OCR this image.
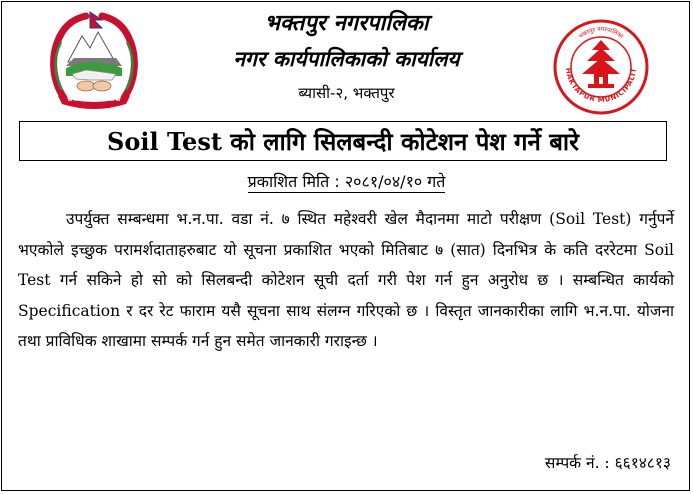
HAKTAPUR MUNICIPALIT
भक्तपुर नगरपालिका
भक्तपुर नगरपालिका
नगर कार्यपालिकाको कार्यालय
ब्यासी-२, भक्तपुर
Soil Test को लागि सिलबन्दी कोटेशन पेश गर्ने बारे
प्रकाशित मिति : २०८१/०४/१० गते
उपर्युक्त सम्बन्धमा भ.न.पा. वडा नं. ७ स्थित महेश्वरी खेल मैदानमा माटो परीक्षण (Soil Test) गर्नुपर्ने भएकोले इच्छुक परामर्शदाताहरुबाट यो सूचना प्रकाशित भएको मितिबाट ७ (सात) दिनभित्र के कति दररेटमा Soil Test गर्न सकिने हो सो को सिलबन्दी कोटेशन सूची दर्ता गरी पेश गर्न हुन अनुरोध छ । सम्बन्धित कार्यको Specification र दर रेट फाराम यसै सूचना साथ संलग्न गरिएको छ । विस्तृत जानकारीका लागि भ.न.पा. योजना तथा प्राविधिक शाखामा सम्पर्क गर्न हुन समेत जानकारी गराइन्छ ।
सम्पर्क नं. : ६६१४८१३
